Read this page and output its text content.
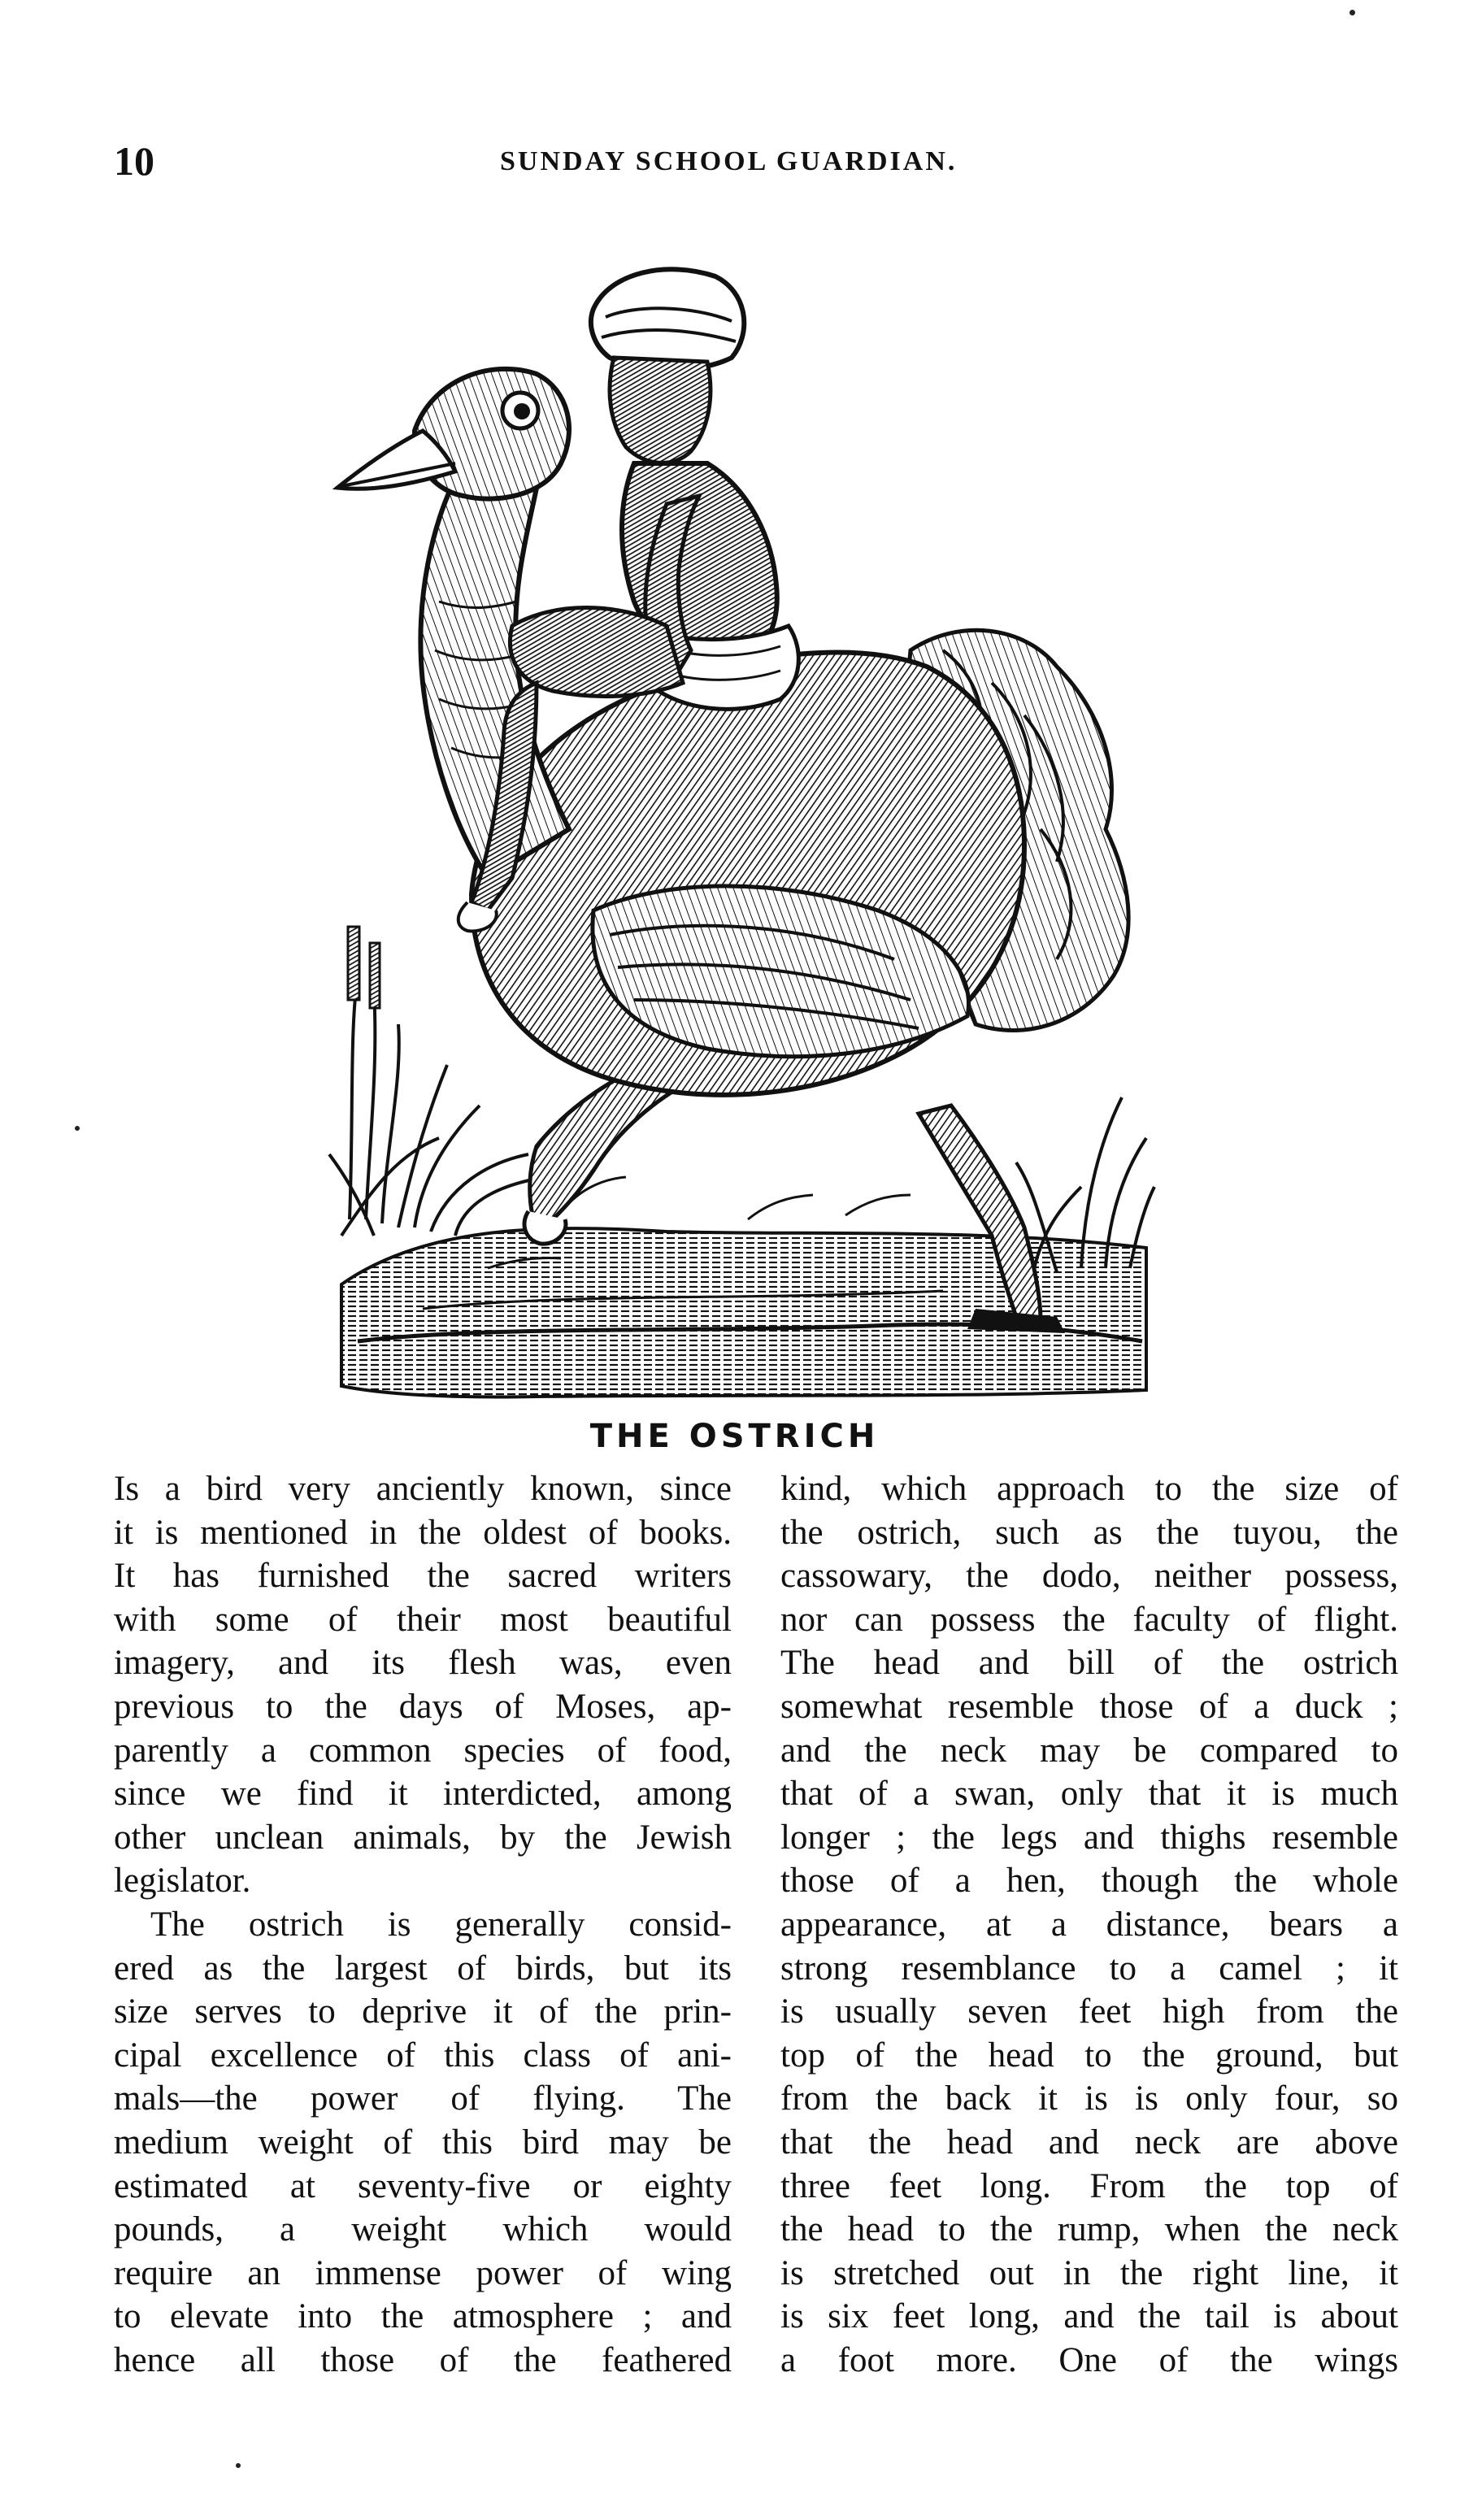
10	SUNDAY SCHOOL GUARDIAN.
THE OSTRICH
Is a bird very anciently known, since
it is mentioned in the oldest of books.
It has furnished the sacred writers
with some of their most beautiful
imagery, and its flesh was, even
previous to the days of Moses, ap-
parently a common species of food,
since we find it interdicted, among
other unclean animals, by the Jewish
legislator.
The ostrich is generally consid-
ered as the largest of birds, but its
size serves to deprive it of the prin-
cipal excellence of this class of ani-
mals—the power of flying. The
medium weight of this bird may be
estimated at seventy-five or eighty
pounds, a weight which would
require an immense power of wing
to elevate into the atmosphere ; and
hence all those of the feathered
kind, which approach to the size of
the ostrich, such as the tuyou, the
cassowary, the dodo, neither possess,
nor can possess the faculty of flight.
The head and bill of the ostrich
somewhat resemble those of a duck ;
and the neck may be compared to
that of a swan, only that it is much
longer ; the legs and thighs resemble
those of a hen, though the whole
appearance, at a distance, bears a
strong resemblance to a camel ; it
is usually seven feet high from the
top of the head to the ground, but
from the back it is is only four, so
that the head and neck are above
three feet long. From the top of
the head to the rump, when the neck
is stretched out in the right line, it
is six feet long, and the tail is about
a foot more. One of the wings
